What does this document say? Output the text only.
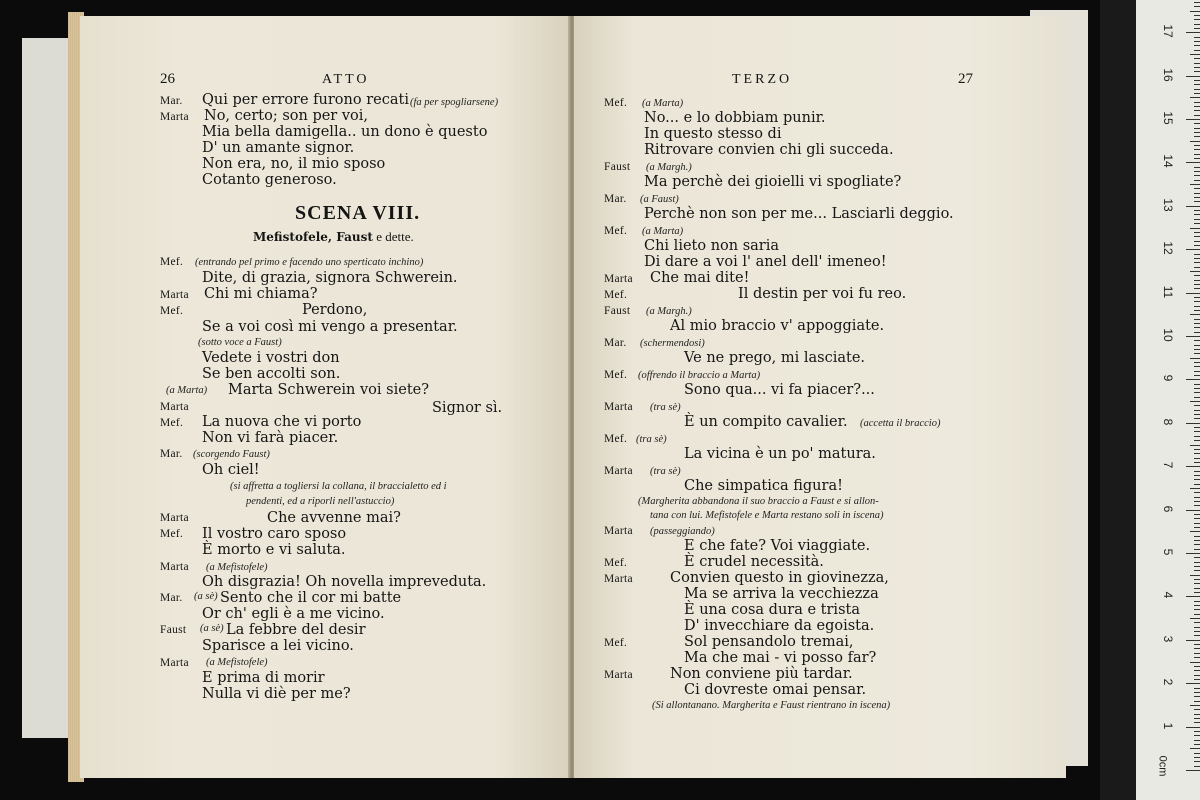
26	ATTO
Mar. Qui per errore furono recati (fa per spogliarsene)
Marta No, certo; son per voi,
Mia bella damigella.. un dono è questo
D' un amante signor.
Non era, no, il mio sposo
Cotanto generoso.
SCENA VIII.
Mefistofele, Faust e dette.
Mef. (entrando pel primo e facendo uno sperticato inchino)
Dite, di grazia, signora Schwerein.
Marta Chi mi chiama?
Mef.	Perdono,
Se a voi così mi vengo a presentar.
(sotto voce a Faust)
Vedete i vostri don
Se ben accolti son.
(a Marta) Marta Schwerein voi siete?
Marta	Signor sì.
Mef. La nuova che vi porto
Non vi farà piacer.
Mar. (scorgendo Faust)
Oh ciel!
(si affretta a togliersi la collana, il braccialetto ed i
pendenti, ed a riporli nell'astuccio)
Marta	Che avvenne mai?
Mef. Il vostro caro sposo
È morto e vi saluta.
Marta (a Mefistofele)
Oh disgrazia! Oh novella impreveduta.
Mar. (a sè) Sento che il cor mi batte
Or ch' egli è a me vicino.
Faust (a sè) La febbre del desir
Sparisce a lei vicino.
Marta (a Mefistofele)
E prima di morir
Nulla vi diè per me?
TERZO	27
Mef. (a Marta)
No... e lo dobbiam punir.
In questo stesso di
Ritrovare convien chi gli succeda.
Faust (a Margh.)
Ma perchè dei gioielli vi spogliate?
Mar. (a Faust)
Perchè non son per me... Lasciarli deggio.
Mef. (a Marta)
Chi lieto non saria
Di dare a voi l' anel dell' imeneo!
Marta Che mai dite!
Mef.	Il destin per voi fu reo.
Faust (a Margh.)
Al mio braccio v' appoggiate.
Mar. (schermendosi)
Ve ne prego, mi lasciate.
Mef. (offrendo il braccio a Marta)
Sono qua... vi fa piacer?...
Marta (tra sè)
È un compito cavalier. (accetta il braccio)
Mef. (tra sè)
La vicina è un po' matura.
Marta (tra sè)
Che simpatica figura!
(Margherita abbandona il suo braccio a Faust e si allon-
tana con lui. Mefistofele e Marta restano soli in iscena)
Marta (passeggiando)
E che fate? Voi viaggiate.
Mef.	È crudel necessità.
Marta	Convien questo in giovinezza,
Ma se arriva la vecchiezza
È una cosa dura e trista
D' invecchiare da egoista.
Mef.	Sol pensandolo tremai,
Ma che mai - vi posso far?
Marta	Non conviene più tardar.
Ci dovreste omai pensar.
(Si allontanano. Margherita e Faust rientrano in iscena)
1
2
3
4
5
6
7
8
9
10
11
12
13
14
15
16
17
0cm
